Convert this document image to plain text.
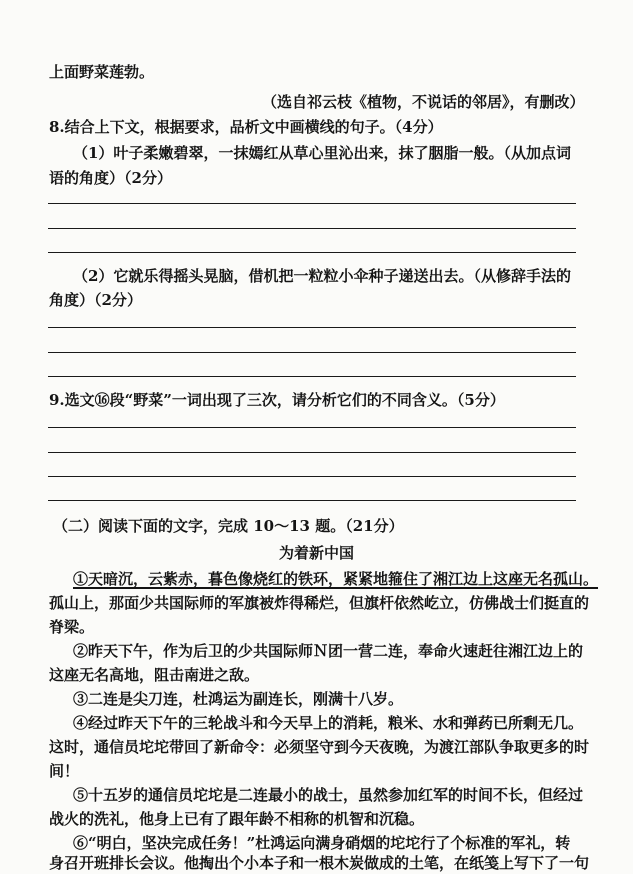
上面野菜莲勃。
（选自祁云枝《植物，不说话的邻居》，有删改）
8.结合上下文，根据要求，品析文中画横线的句子。（4分）
（1）叶子柔嫩碧翠，一抹嫣红从草心里沁出来，抹了胭脂一般。（从加点词
语的角度）（2分）
（2）它就乐得摇头晃脑，借机把一粒粒小伞种子递送出去。（从修辞手法的
角度）（2分）
9.选文⑯段“野菜”一词出现了三次，请分析它们的不同含义。（5分）
（二）阅读下面的文字，完成 10～13 题。（21分）
为着新中国
①天暗沉，云紫赤，暮色像烧红的铁环，紧紧地箍住了湘江边上这座无名孤山。
孤山上，那面少共国际师的军旗被炸得稀烂，但旗杆依然屹立，仿佛战士们挺直的
脊梁。
②昨天下午，作为后卫的少共国际师Ｎ团一营二连，奉命火速赶往湘江边上的
这座无名高地，阻击南进之敌。
③二连是尖刀连，杜鸿运为副连长，刚满十八岁。
④经过昨天下午的三轮战斗和今天早上的消耗，粮米、水和弹药已所剩无几。
这时，通信员坨坨带回了新命令：必须坚守到今天夜晚，为渡江部队争取更多的时
间！
⑤十五岁的通信员坨坨是二连最小的战士，虽然参加红军的时间不长，但经过
战火的洗礼，他身上已有了跟年龄不相称的机智和沉稳。
⑥“明白，坚决完成任务！”杜鸿运向满身硝烟的坨坨行了个标准的军礼，转
身召开班排长会议。他掏出个小本子和一根木炭做成的土笔，在纸笺上写下了一句
